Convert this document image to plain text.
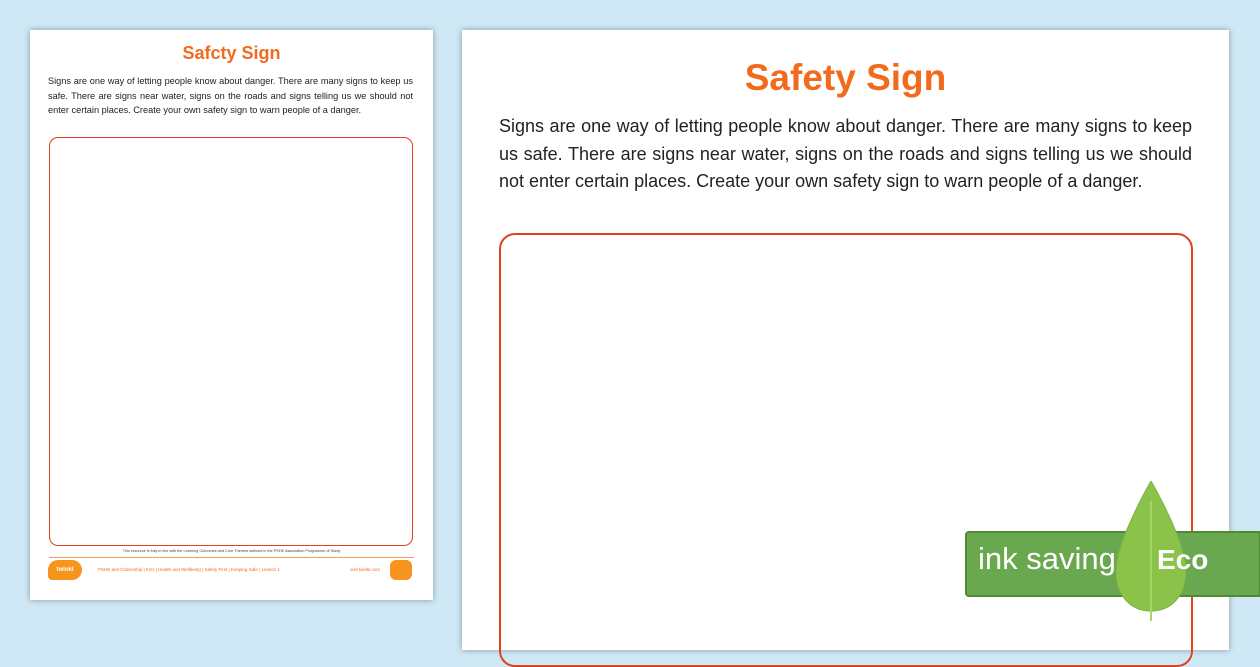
Safcty Sign
Signs are one way of letting people know about danger. There are many signs to keep us safe. There are signs near water, signs on the roads and signs telling us we should not enter certain places. Create your own safety sign to warn people of a danger.
This resource is fully in line with the Learning Outcomes and Core Themes outlined in the PSHE Association Programme of Study
twinkl	PSHE and Citizenship | KS1 | Health and Wellbeing | Safety First | Keeping Safe | Lesson 1	visit twinkl.com
Safety Sign
Signs are one way of letting people know about danger. There are many signs to keep us safe. There are signs near water, signs on the roads and signs telling us we should not enter certain places. Create your own safety sign to warn people of a danger.
ink saving Eco
